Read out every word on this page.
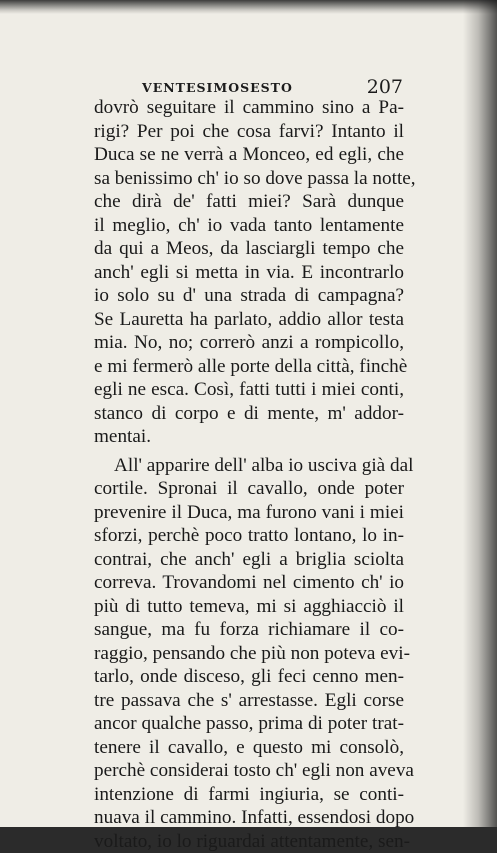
VENTESIMOSESTO	207
dovrò seguitare il cammino sino a Pa-
rigi? Per poi che cosa farvi? Intanto il
Duca se ne verrà a Monceo, ed egli, che
sa benissimo ch' io so dove passa la notte,
che dirà de' fatti miei? Sarà dunque
il meglio, ch' io vada tanto lentamente
da qui a Meos, da lasciargli tempo che
anch' egli si metta in via. E incontrarlo
io solo su d' una strada di campagna?
Se Lauretta ha parlato, addio allor testa
mia. No, no; correrò anzi a rompicollo,
e mi fermerò alle porte della città, finchè
egli ne esca. Così, fatti tutti i miei conti,
stanco di corpo e di mente, m' addor-
mentai.
All' apparire dell' alba io usciva già dal
cortile. Spronai il cavallo, onde poter
prevenire il Duca, ma furono vani i miei
sforzi, perchè poco tratto lontano, lo in-
contrai, che anch' egli a briglia sciolta
correva. Trovandomi nel cimento ch' io
più di tutto temeva, mi si agghiacciò il
sangue, ma fu forza richiamare il co-
raggio, pensando che più non poteva evi-
tarlo, onde disceso, gli feci cenno men-
tre passava che s' arrestasse. Egli corse
ancor qualche passo, prima di poter trat-
tenere il cavallo, e questo mi consolò,
perchè considerai tosto ch' egli non aveva
intenzione di farmi ingiuria, se conti-
nuava il cammino. Infatti, essendosi dopo
voltato, io lo riguardai attentamente, sen-
